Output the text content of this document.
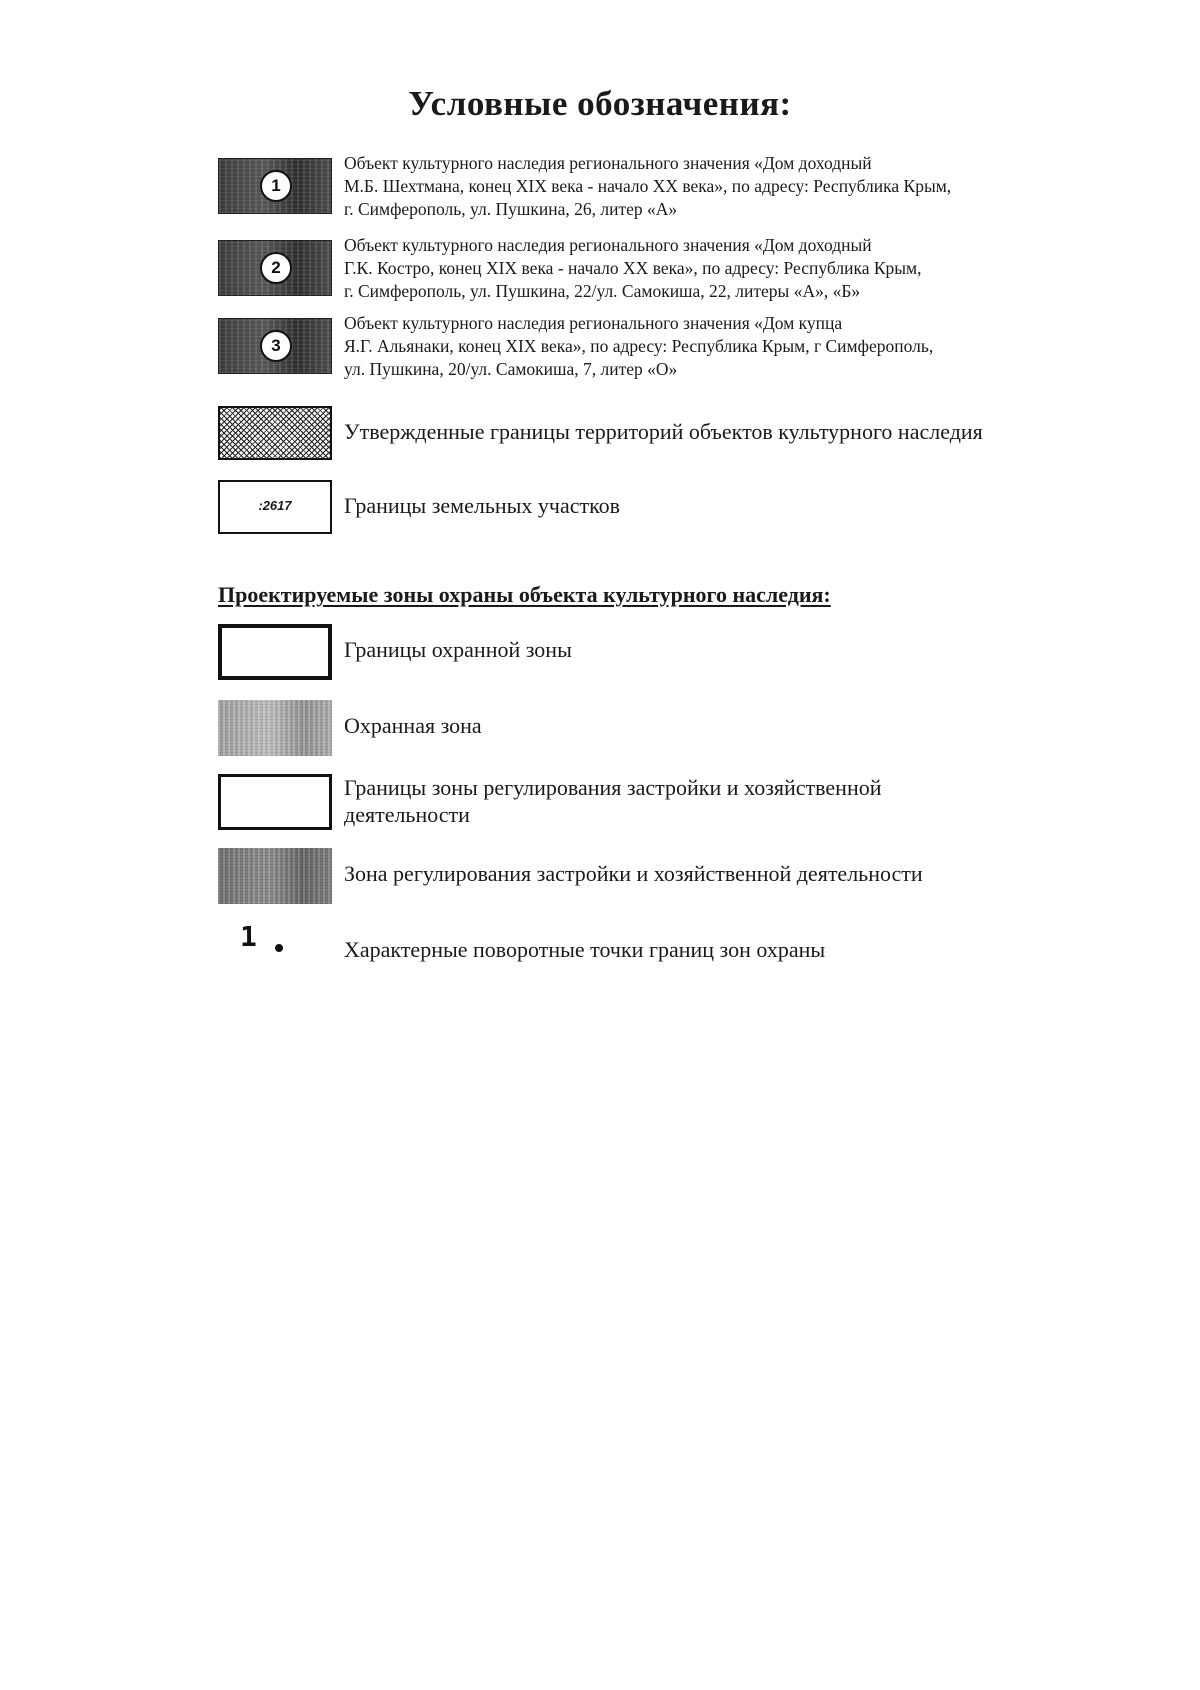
Условные обозначения:
1
Объект культурного наследия регионального значения «Дом доходный
М.Б. Шехтмана, конец XIX века - начало XX века», по адресу: Республика Крым,
г. Симферополь, ул. Пушкина, 26, литер «А»
2
Объект культурного наследия регионального значения «Дом доходный
Г.К. Костро, конец XIX века - начало XX века», по адресу: Республика Крым,
г. Симферополь, ул. Пушкина, 22/ул. Самокиша, 22, литеры «А», «Б»
3
Объект культурного наследия регионального значения «Дом купца
Я.Г. Альянаки, конец XIX века», по адресу: Республика Крым, г Симферополь,
ул. Пушкина, 20/ул. Самокиша, 7, литер «О»
Утвержденные границы территорий объектов культурного наследия
:2617	Границы земельных участков
Проектируемые зоны охраны объекта культурного наследия:
Границы охранной зоны
Охранная зона
Границы зоны регулирования застройки и хозяйственной
деятельности
Зона регулирования застройки и хозяйственной деятельности
1	Характерные поворотные точки границ зон охраны
